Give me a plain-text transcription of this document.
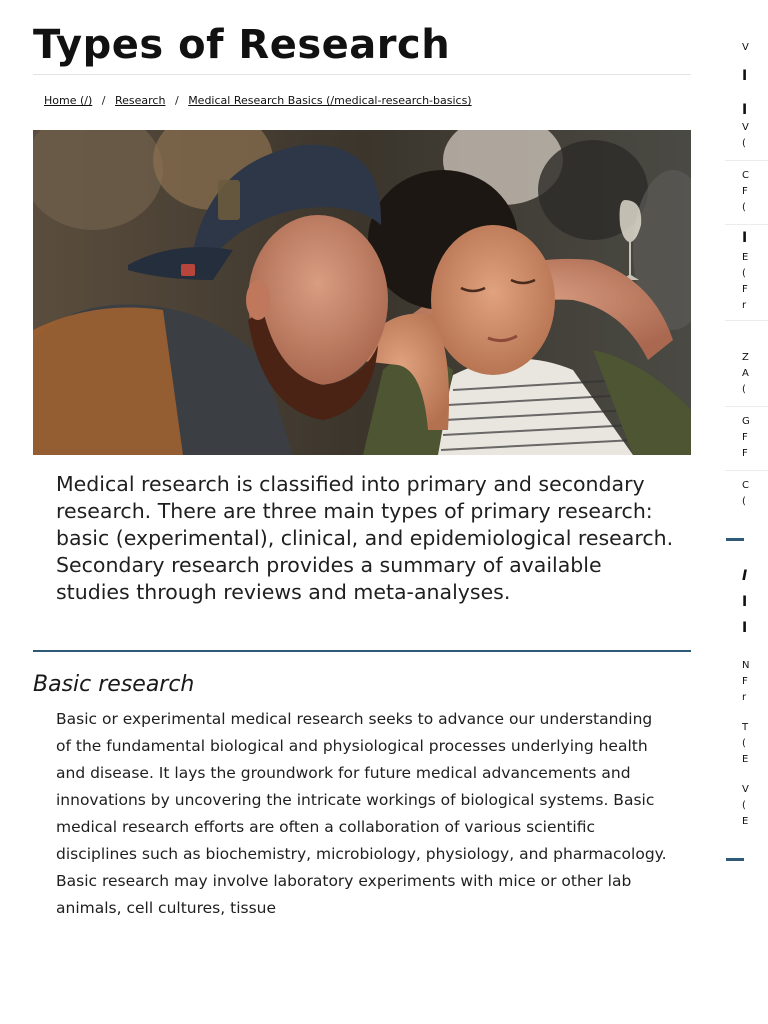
Types of Research
Home (/) / Research / Medical Research Basics (/medical-research-basics)

Medical research is classified into primary and secondary research. There are three main types of primary research: basic (experimental), clinical, and epidemiological research. Secondary research provides a summary of available studies through reviews and meta-analyses.

Basic research

Basic or experimental medical research seeks to advance our understanding of the fundamental biological and physiological processes underlying health and disease. It lays the groundwork for future medical advancements and innovations by uncovering the intricate workings of biological systems. Basic medical research efforts are often a collaboration of various scientific disciplines such as biochemistry, microbiology, physiology, and pharmacology. Basic research may involve laboratory experiments with mice or other lab animals, cell cultures, tissue

V
I
I
V
(
C
F
(
I
E
(
F
r
Z
A
(
G
F
F
C
(
I
I
I
N
F
r
T
(
E
V
(
E
